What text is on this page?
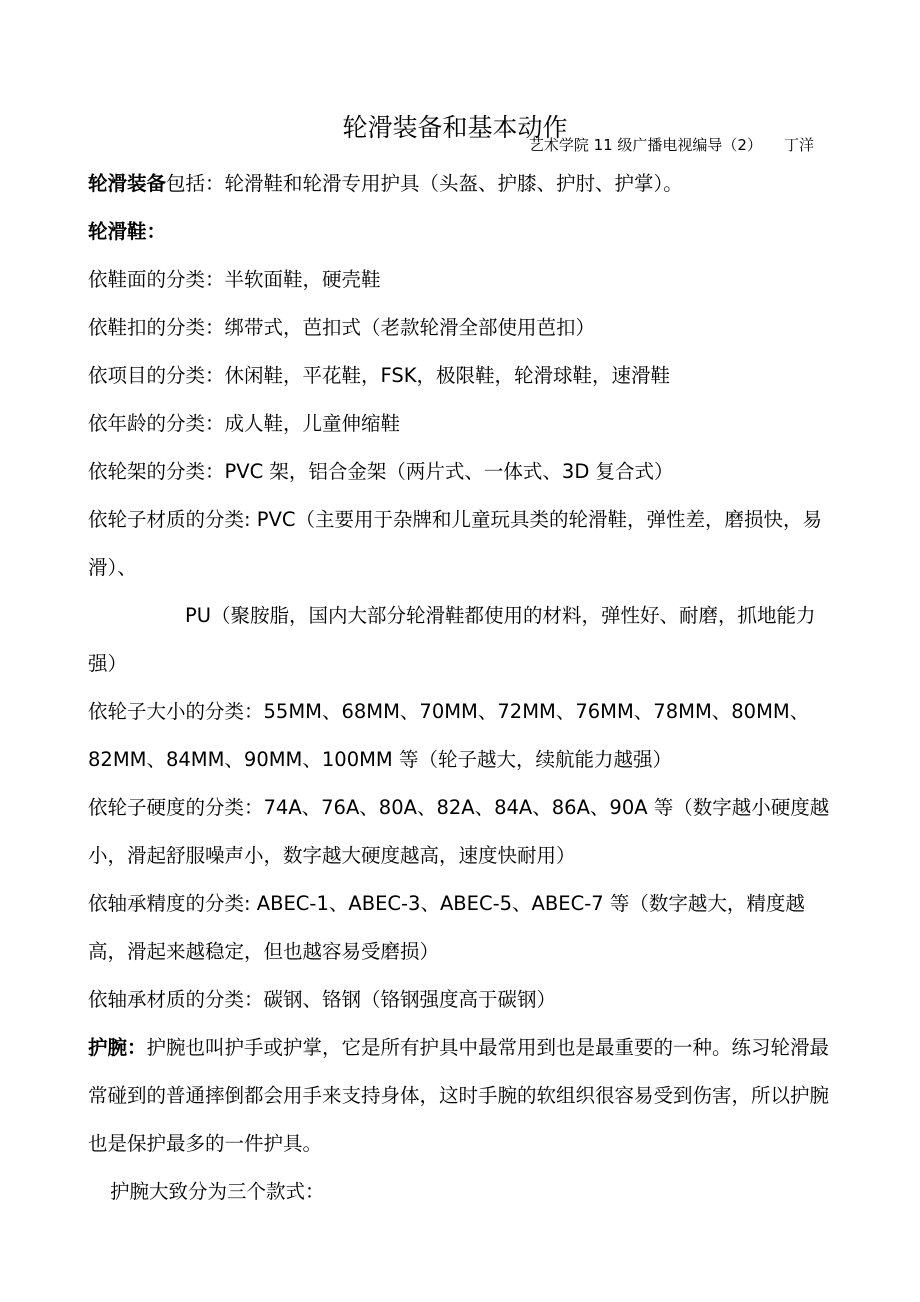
轮滑装备和基本动作
艺术学院 11 级广播电视编导（2） 丁洋

轮滑装备包括：轮滑鞋和轮滑专用护具（头盔、护膝、护肘、护掌）。

轮滑鞋：

依鞋面的分类：半软面鞋，硬壳鞋

依鞋扣的分类：绑带式，芭扣式（老款轮滑全部使用芭扣）

依项目的分类：休闲鞋，平花鞋，FSK，极限鞋，轮滑球鞋，速滑鞋

依年龄的分类：成人鞋，儿童伸缩鞋

依轮架的分类：PVC 架，铝合金架（两片式、一体式、3D 复合式）

依轮子材质的分类: PVC（主要用于杂牌和儿童玩具类的轮滑鞋，弹性差，磨损快，易滑）、

PU（聚胺脂，国内大部分轮滑鞋都使用的材料，弹性好、耐磨，抓地能力强）

依轮子大小的分类：55MM、68MM、70MM、72MM、76MM、78MM、80MM、82MM、84MM、90MM、100MM 等（轮子越大，续航能力越强）

依轮子硬度的分类：74A、76A、80A、82A、84A、86A、90A 等（数字越小硬度越小，滑起舒服噪声小，数字越大硬度越高，速度快耐用）

依轴承精度的分类: ABEC-1、ABEC-3、ABEC-5、ABEC-7 等（数字越大，精度越高，滑起来越稳定，但也越容易受磨损）

依轴承材质的分类：碳钢、铬钢（铬钢强度高于碳钢）

护腕：护腕也叫护手或护掌，它是所有护具中最常用到也是最重要的一种。练习轮滑最常碰到的普通摔倒都会用手来支持身体，这时手腕的软组织很容易受到伤害，所以护腕也是保护最多的一件护具。

护腕大致分为三个款式：
